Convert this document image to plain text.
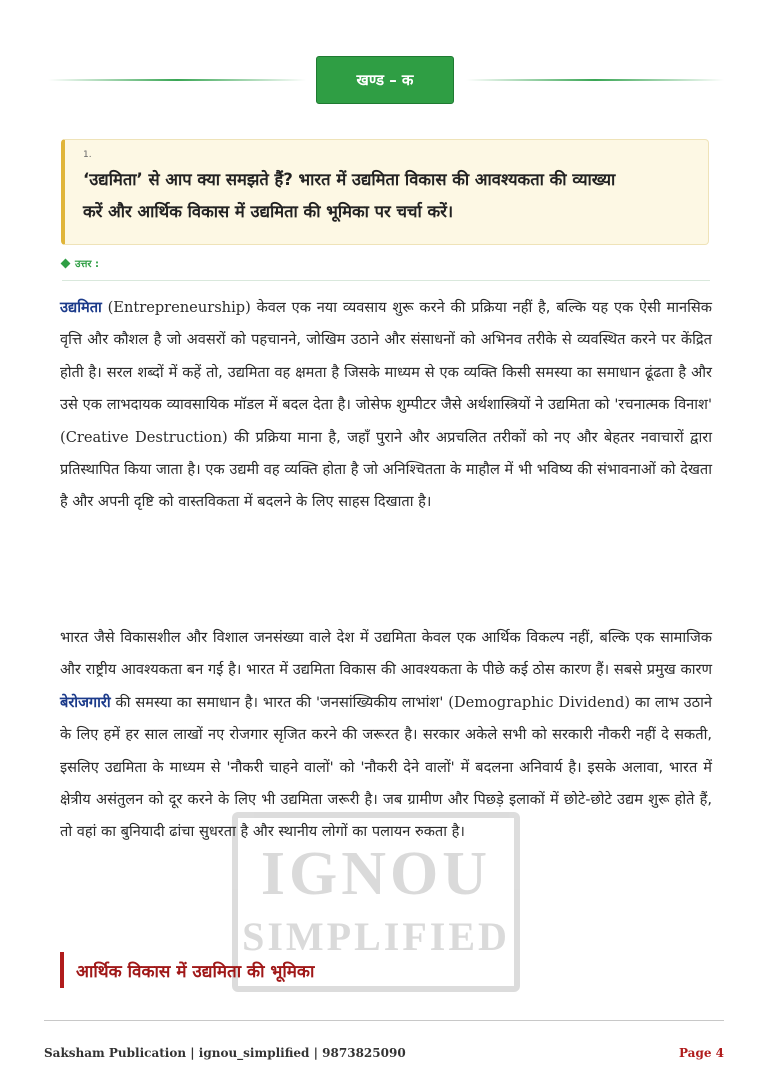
IGNOU
SIMPLIFIED
खण्ड – क
1.
‘उद्यमिता’ से आप क्या समझते हैं? भारत में उद्यमिता विकास की आवश्यकता की व्याख्या
करें और आर्थिक विकास में उद्यमिता की भूमिका पर चर्चा करें।
उत्तर :
उद्यमिता (Entrepreneurship) केवल एक नया व्यवसाय शुरू करने की प्रक्रिया नहीं है, बल्कि यह एक ऐसी मानसिक वृत्ति और कौशल है जो अवसरों को पहचानने, जोखिम उठाने और संसाधनों को अभिनव तरीके से व्यवस्थित करने पर केंद्रित होती है। सरल शब्दों में कहें तो, उद्यमिता वह क्षमता है जिसके माध्यम से एक व्यक्ति किसी समस्या का समाधान ढूंढता है और उसे एक लाभदायक व्यावसायिक मॉडल में बदल देता है। जोसेफ शुम्पीटर जैसे अर्थशास्त्रियों ने उद्यमिता को 'रचनात्मक विनाश' (Creative Destruction) की प्रक्रिया माना है, जहाँ पुराने और अप्रचलित तरीकों को नए और बेहतर नवाचारों द्वारा प्रतिस्थापित किया जाता है। एक उद्यमी वह व्यक्ति होता है जो अनिश्चितता के माहौल में भी भविष्य की संभावनाओं को देखता है और अपनी दृष्टि को वास्तविकता में बदलने के लिए साहस दिखाता है।
भारत जैसे विकासशील और विशाल जनसंख्या वाले देश में उद्यमिता केवल एक आर्थिक विकल्प नहीं, बल्कि एक सामाजिक और राष्ट्रीय आवश्यकता बन गई है। भारत में उद्यमिता विकास की आवश्यकता के पीछे कई ठोस कारण हैं। सबसे प्रमुख कारण बेरोजगारी की समस्या का समाधान है। भारत की 'जनसांख्यिकीय लाभांश' (Demographic Dividend) का लाभ उठाने के लिए हमें हर साल लाखों नए रोजगार सृजित करने की जरूरत है। सरकार अकेले सभी को सरकारी नौकरी नहीं दे सकती, इसलिए उद्यमिता के माध्यम से 'नौकरी चाहने वालों' को 'नौकरी देने वालों' में बदलना अनिवार्य है। इसके अलावा, भारत में क्षेत्रीय असंतुलन को दूर करने के लिए भी उद्यमिता जरूरी है। जब ग्रामीण और पिछड़े इलाकों में छोटे-छोटे उद्यम शुरू होते हैं, तो वहां का बुनियादी ढांचा सुधरता है और स्थानीय लोगों का पलायन रुकता है।
आर्थिक विकास में उद्यमिता की भूमिका
Saksham Publication | ignou_simplified | 9873825090	Page 4
